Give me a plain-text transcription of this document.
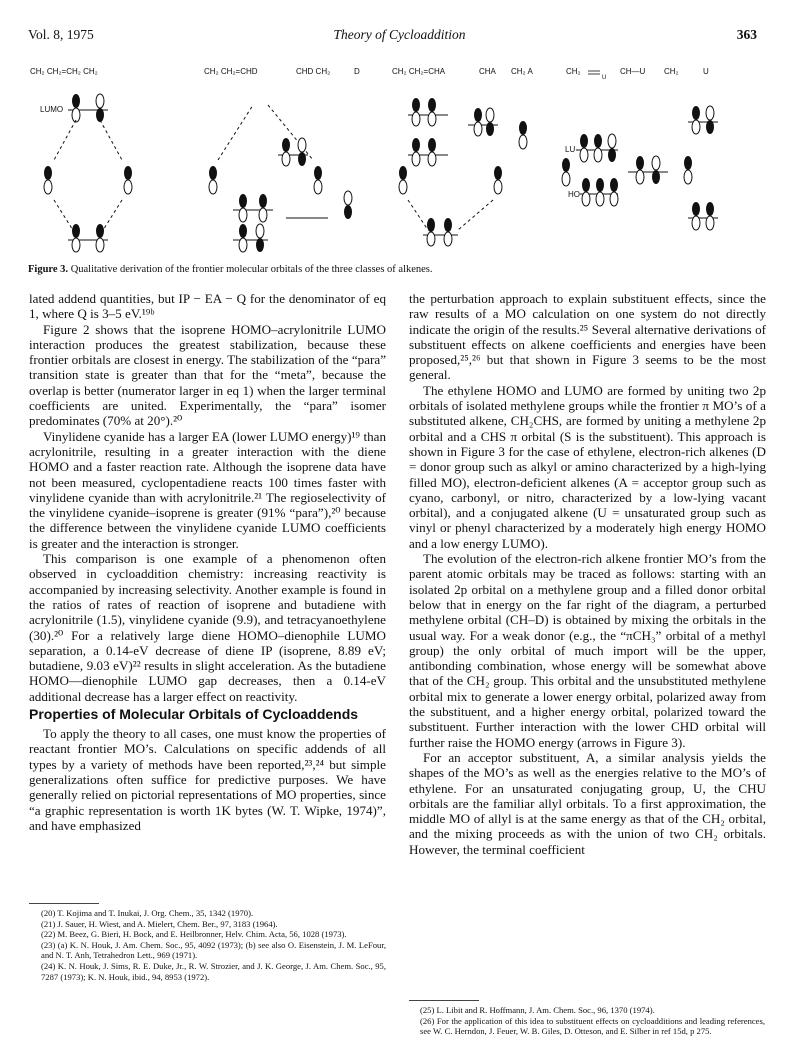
Vol. 8, 1975	Theory of Cycloaddition	363
CH₂ CH₂=CH₂ CH₂	CH₂ CH₂=CHD	CHD CH₂	D	CH₂ CH₂=CHA	CHA CH₂ A	CH₂	CH—U CH₂	U
U
LUMO
LU
HO
Figure 3. Qualitative derivation of the frontier molecular orbitals of the three classes of alkenes.

lated addend quantities, but IP − EA − Q for the denominator of eq 1, where Q is 3–5 eV.¹⁹ᵇ

Figure 2 shows that the isoprene HOMO–acrylonitrile LUMO interaction produces the greatest stabilization, because these frontier orbitals are closest in energy. The stabilization of the “para” transition state is greater than that for the “meta”, because the overlap is better (numerator larger in eq 1) when the larger terminal coefficients are united. Experimentally, the “para” isomer predominates (70% at 20°).²⁰

Vinylidene cyanide has a larger EA (lower LUMO energy)¹⁹ than acrylonitrile, resulting in a greater interaction with the diene HOMO and a faster reaction rate. Although the isoprene data have not been measured, cyclopentadiene reacts 100 times faster with vinylidene cyanide than with acrylonitrile.²¹ The regioselectivity of the vinylidene cyanide–isoprene is greater (91% “para”),²⁰ because the difference between the vinylidene cyanide LUMO coefficients is greater and the interaction is stronger.

This comparison is one example of a phenomenon often observed in cycloaddition chemistry: increasing reactivity is accompanied by increasing selectivity. Another example is found in the ratios of rates of reaction of isoprene and butadiene with acrylonitrile (1.5), vinylidene cyanide (9.9), and tetracyanoethylene (30).²⁰ For a relatively large diene HOMO–dienophile LUMO separation, a 0.14-eV decrease of diene IP (isoprene, 8.89 eV; butadiene, 9.03 eV)²² results in slight acceleration. As the butadiene HOMO—dienophile LUMO gap decreases, then a 0.14-eV additional decrease has a larger effect on reactivity.

Properties of Molecular Orbitals of Cycloaddends

To apply the theory to all cases, one must know the properties of reactant frontier MO’s. Calculations on specific addends of all types by a variety of methods have been reported,²³,²⁴ but simple generalizations often suffice for predictive purposes. We have generally relied on pictorial representations of MO properties, since “a graphic representation is worth 1K bytes (W. T. Wipke, 1974)”, and have emphasized

the perturbation approach to explain substituent effects, since the raw results of a MO calculation on one system do not directly indicate the origin of the results.²⁵ Several alternative derivations of substituent effects on alkene coefficients and energies have been proposed,²⁵,²⁶ but that shown in Figure 3 seems to be the most general.

The ethylene HOMO and LUMO are formed by uniting two 2p orbitals of isolated methylene groups while the frontier π MO’s of a substituted alkene, CH₂CHS, are formed by uniting a methylene 2p orbital and a CHS π orbital (S is the substituent). This approach is shown in Figure 3 for the case of ethylene, electron-rich alkenes (D = donor group such as alkyl or amino characterized by a high-lying filled MO), electron-deficient alkenes (A = acceptor group such as cyano, carbonyl, or nitro, characterized by a low-lying vacant orbital), and a conjugated alkene (U = unsaturated group such as vinyl or phenyl characterized by a moderately high energy HOMO and a low energy LUMO).

The evolution of the electron-rich alkene frontier MO’s from the parent atomic orbitals may be traced as follows: starting with an isolated 2p orbital on a methylene group and a filled donor orbital below that in energy on the far right of the diagram, a perturbed methylene orbital (CH–D) is obtained by mixing the orbitals in the usual way. For a weak donor (e.g., the “πCH₃” orbital of a methyl group) the only orbital of much import will be the upper, antibonding combination, whose energy will be somewhat above that of the CH₂ group. This orbital and the unsubstituted methylene orbital mix to generate a lower energy orbital, polarized away from the substituent, and a higher energy orbital, polarized toward the substituent. Further interaction with the lower CHD orbital will further raise the HOMO energy (arrows in Figure 3).

For an acceptor substituent, A, a similar analysis yields the shapes of the MO’s as well as the energies relative to the MO’s of ethylene. For an unsaturated conjugating group, U, the CHU orbitals are the familiar allyl orbitals. To a first approximation, the middle MO of allyl is at the same energy as that of the CH₂ orbital, and the mixing proceeds as with the union of two CH₂ orbitals. However, the terminal coefficient

(20) T. Kojima and T. Inukai, J. Org. Chem., 35, 1342 (1970).
(21) J. Sauer, H. Wiest, and A. Mielert, Chem. Ber., 97, 3183 (1964).
(22) M. Beez, G. Bieri, H. Bock, and E. Heilbronner, Helv. Chim. Acta, 56, 1028 (1973).
(23) (a) K. N. Houk, J. Am. Chem. Soc., 95, 4092 (1973); (b) see also O. Eisenstein, J. M. LeFour, and N. T. Anh, Tetrahedron Lett., 969 (1971).
(24) K. N. Houk, J. Sims, R. E. Duke, Jr., R. W. Strozier, and J. K. George, J. Am. Chem. Soc., 95, 7287 (1973); K. N. Houk, ibid., 94, 8953 (1972).
(25) L. Libit and R. Hoffmann, J. Am. Chem. Soc., 96, 1370 (1974).
(26) For the application of this idea to substituent effects on cycloadditions and leading references, see W. C. Herndon, J. Feuer, W. B. Giles, D. Otteson, and E. Silber in ref 15d, p 275.
